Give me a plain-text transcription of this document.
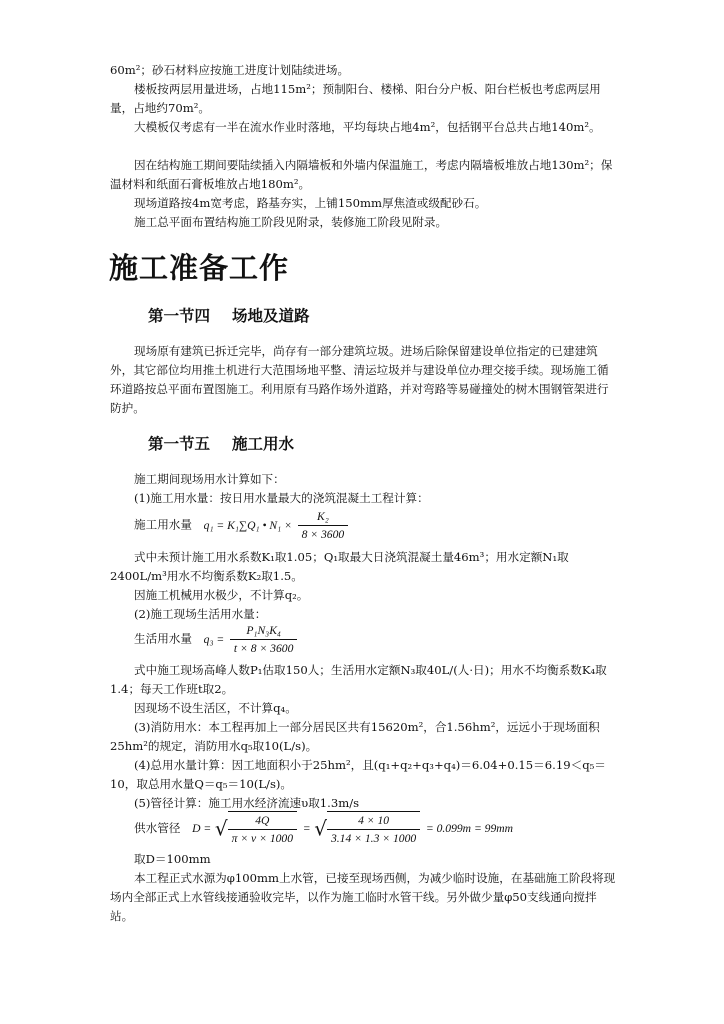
60m²；砂石材料应按施工进度计划陆续进场。

楼板按两层用量进场，占地115m²；预制阳台、楼梯、阳台分户板、阳台栏板也考虑两层用量，占地约70m²。

大模板仅考虑有一半在流水作业时落地，平均每块占地4m²，包括钢平台总共占地140m²。

因在结构施工期间要陆续插入内隔墙板和外墙内保温施工，考虑内隔墙板堆放占地130m²；保温材料和纸面石膏板堆放占地180m²。

现场道路按4m宽考虑，路基夯实，上铺150mm厚焦渣或级配砂石。

施工总平面布置结构施工阶段见附录，装修施工阶段见附录。

施工准备工作
第一节四 场地及道路

现场原有建筑已拆迁完毕，尚存有一部分建筑垃圾。进场后除保留建设单位指定的已建建筑外，其它部位均用推土机进行大范围场地平整、清运垃圾并与建设单位办理交接手续。现场施工循环道路按总平面布置图施工。利用原有马路作场外道路，并对弯路等易碰撞处的树木围钢管架进行防护。

第一节五 施工用水
施工期间现场用水计算如下：
(1)施工用水量：按日用水量最大的浇筑混凝土工程计算：
施工用水量 q₁ = K₁∑Q₁ • $N_1 \times \frac{\text{K₂}}{8 \times 3600}$

式中未预计施工用水系数K₁取1.05；Q₁取最大日浇筑混凝土量46m³；用水定额N₁取2400L/m³用水不均衡系数K₂取1.5。

因施工机械用水极少，不计算q₂。
(2)施工现场生活用水量：
生活用水量 $q_3 = \frac{\text{P₁N₃K₄}}{t \times 8 \times 3600}$

式中施工现场高峰人数P₁估取150人；生活用水定额N₃取40L/(人·日)；用水不均衡系数K₄取1.4；每天工作班t取2。

因现场不设生活区，不计算q₄。

(3)消防用水：本工程再加上一部分居民区共有15620m²，合1.56hm²，远远小于现场面积25hm²的规定，消防用水q₅取10(L/s)。

(4)总用水量计算：因工地面积小于25hm²，且(q₁+q₂+q₃+q₄)＝6.04+0.15＝6.19＜q₅＝10，取总用水量Q＝q₅＝10(L/s)。

(5)管径计算：施工用水经济流速υ取1.3m/s
供水管径 D = √ $\frac{4Q}{\pi \times \nu \times 1000}$ = √ $\frac{4 \times 10}{3.14 \times 1.3 \times 1000} = 0.099m = 99mm$
取D＝100mm

本工程正式水源为φ100mm上水管，已接至现场西侧，为减少临时设施，在基础施工阶段将现场内全部正式上水管线接通验收完毕，以作为施工临时水管干线。另外做少量φ50支线通向搅拌站。
